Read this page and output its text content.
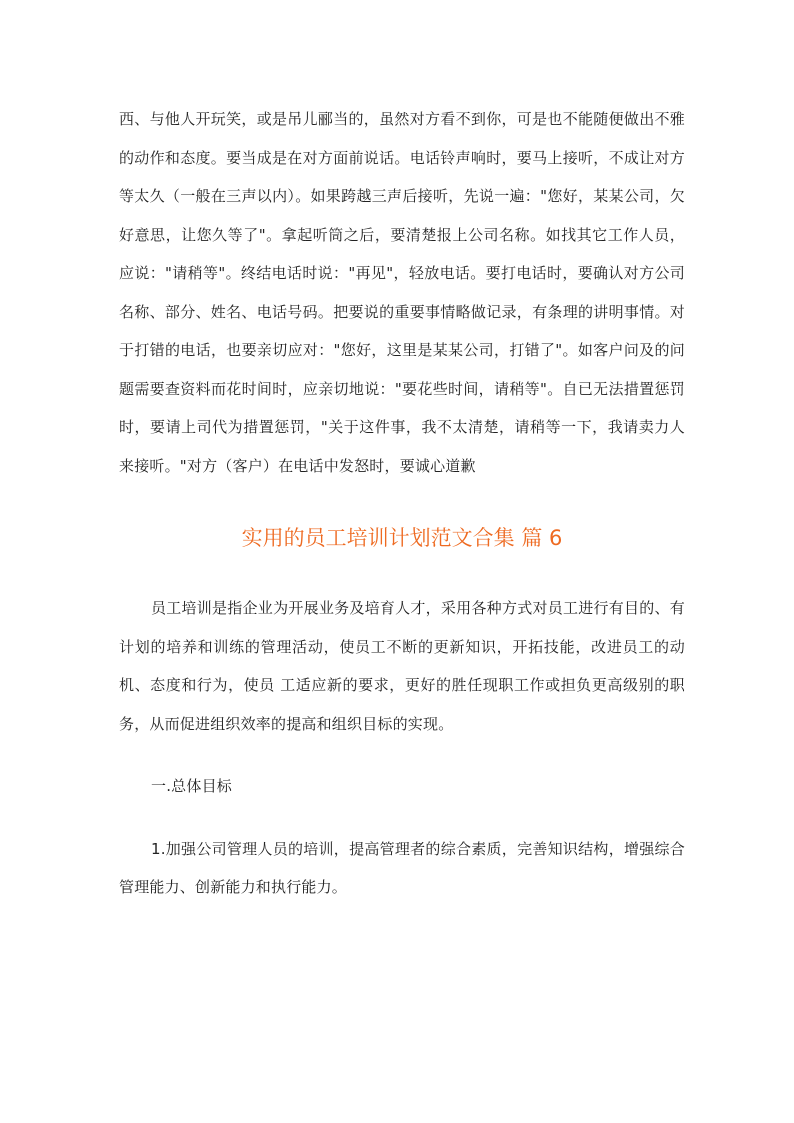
西、与他人开玩笑，或是吊儿郦当的，虽然对方看不到你，可是也不能随便做出不雅的动作和态度。要当成是在对方面前说话。电话铃声响时，要马上接听，不成让对方等太久（一般在三声以内）。如果跨越三声后接听，先说一遍："您好，某某公司，欠好意思，让您久等了"。拿起听筒之后，要清楚报上公司名称。如找其它工作人员，应说："请稍等"。终结电话时说："再见"，轻放电话。要打电话时，要确认对方公司名称、部分、姓名、电话号码。把要说的重要事情略做记录，有条理的讲明事情。对于打错的电话，也要亲切应对："您好，这里是某某公司，打错了"。如客户问及的问题需要查资料而花时间时，应亲切地说："要花些时间，请稍等"。自已无法措置惩罚时，要请上司代为措置惩罚，"关于这件事，我不太清楚，请稍等一下，我请卖力人来接听。"对方（客户）在电话中发怒时，要诚心道歉

实用的员工培训计划范文合集 篇 6

员工培训是指企业为开展业务及培育人才，采用各种方式对员工进行有目的、有计划的培养和训练的管理活动，使员工不断的更新知识，开拓技能，改进员工的动机、态度和行为，使员 工适应新的要求，更好的胜任现职工作或担负更高级别的职务，从而促进组织效率的提高和组织目标的实现。

一.总体目标

1.加强公司管理人员的培训，提高管理者的综合素质，完善知识结构，增强综合管理能力、创新能力和执行能力。
